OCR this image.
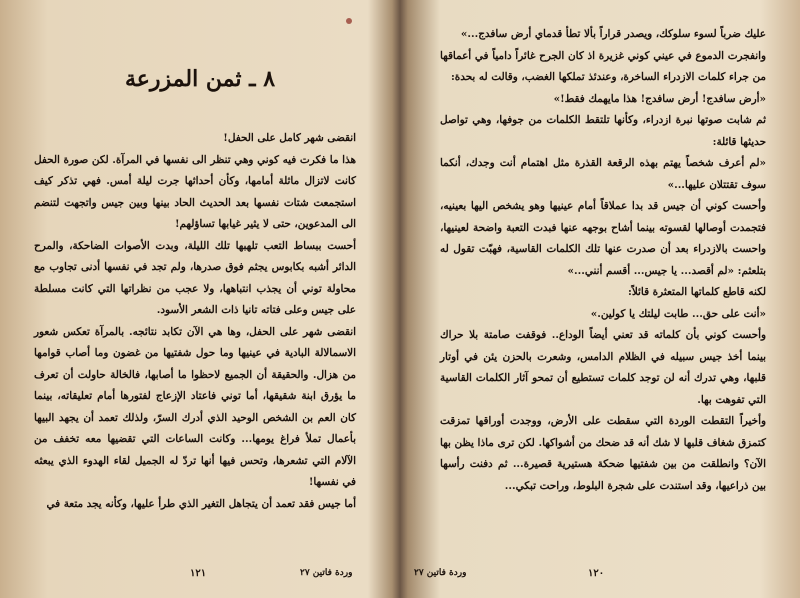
٨ ـ ثمن المزرعة

انقضى شهر كامل على الحفل!

هذا ما فكرت فيه كوني وهي تنظر الى نفسها في المرآة. لكن صورة الحفل كانت لاتزال ماثلة أمامها، وكأن أحداثها جرت ليلة أمس. فهي تذكر كيف استجمعت شتات نفسها بعد الحديث الحاد بينها وبين جيس واتجهت لتنضم الى المدعوين، حتى لا يثير غيابها تساؤلهم!

أحست ببساط التعب تلهبها تلك الليلة، وبدت الأصوات الضاحكة، والمرح الدائر أشبه بكابوس يجثم فوق صدرها، ولم تجد في نفسها أدنى تجاوب مع محاولة توني أن يجذب انتباهها، ولا عجب من نظراتها التي كانت مسلطة على جيس وعلى فتاته تانيا ذات الشعر الأسود.

انقضى شهر على الحفل، وها هي الآن تكابد نتائجه. بالمرآة تعكس شعور الاسمالالة البادية في عينيها وما حول شفتيها من غضون وما أصاب قوامها من هزال. والحقيقة أن الجميع لاحظوا ما أصابها، فالخالة حاولت أن تعرف ما يؤرق ابنة شقيقها، أما توني فاعتاد الإزعاج لفتورها أمام تعليقاته، بينما كان العم بن الشخص الوحيد الذي أدرك السرّ، ولذلك تعمد أن يجهد البيها بأعمال تملأ فراغ يومها... وكانت الساعات التي تقضيها معه تخفف من الآلام التي تشعرها، وتحس فيها أنها تردّ له الجميل لقاء الهدوء الذي يبعثه في نفسها!

أما جيس فقد تعمد أن يتجاهل التغير الذي طرأ عليها، وكأنه يجد متعة في

١٢١	وردة فاتين ٢٧

عليك ضرباً لسوء سلوكك، ويصدر قراراً بألا تطأ قدماي أرض سافدج...»

وانفجرت الدموع في عيني كوني غزيرة اذ كان الجرح غائراً دامياً في أعماقها من جراء كلمات الازدراء الساخرة، وعندئذ تملكها الغضب، وقالت له بحدة:

«أرض سافدج! أرض سافدج! هذا مايهمك فقط!»

ثم شابت صوتها نبرة ازدراء، وكأنها تلتقط الكلمات من جوفها، وهي تواصل حديثها قائلة:

«لم أعرف شخصاً يهتم بهذه الرقعة القذرة مثل اهتمام أنت وجدك، أنكما سوف تقتتلان عليها...»

وأحست كوني أن جيس قد بدا عملاقاً أمام عينيها وهو يشخص اليها بعينيه، فتجمدت أوصالها لقسوته بينما أشاح بوجهه عنها فبدت التعبة واضحة لعينيها، واحست بالازدراء بعد أن صدرت عنها تلك الكلمات القاسية، فهبّت تقول له بتلعثم: «لم أقصد... يا جيس... أقسم أنني...»

لكنه قاطع كلماتها المتعثرة قائلاً:

«أنت على حق... طابت ليلتك يا كولين.»

وأحست كوني بأن كلماته قد تعني أيضاً الوداع.. فوقفت صامتة بلا حراك بينما أخذ جيس سبيله في الظلام الدامس، وشعرت بالحزن يئن في أوتار قلبها، وهي تدرك أنه لن توجد كلمات تستطيع أن تمحو آثار الكلمات القاسية التي تفوهت بها.

وأخيراً التقطت الوردة التي سقطت على الأرض، ووجدت أوراقها تمزقت كتمزق شغاف قلبها لا شك أنه قد ضحك من أشواكها. لكن ترى ماذا يظن بها الآن؟ وانطلقت من بين شفتيها ضحكة هستيرية قصيرة... ثم دفنت رأسها بين ذراعيها، وقد استندت على شجرة البلوط، وراحت تبكي...

١٢٠
وردة فاتين ٢٧
